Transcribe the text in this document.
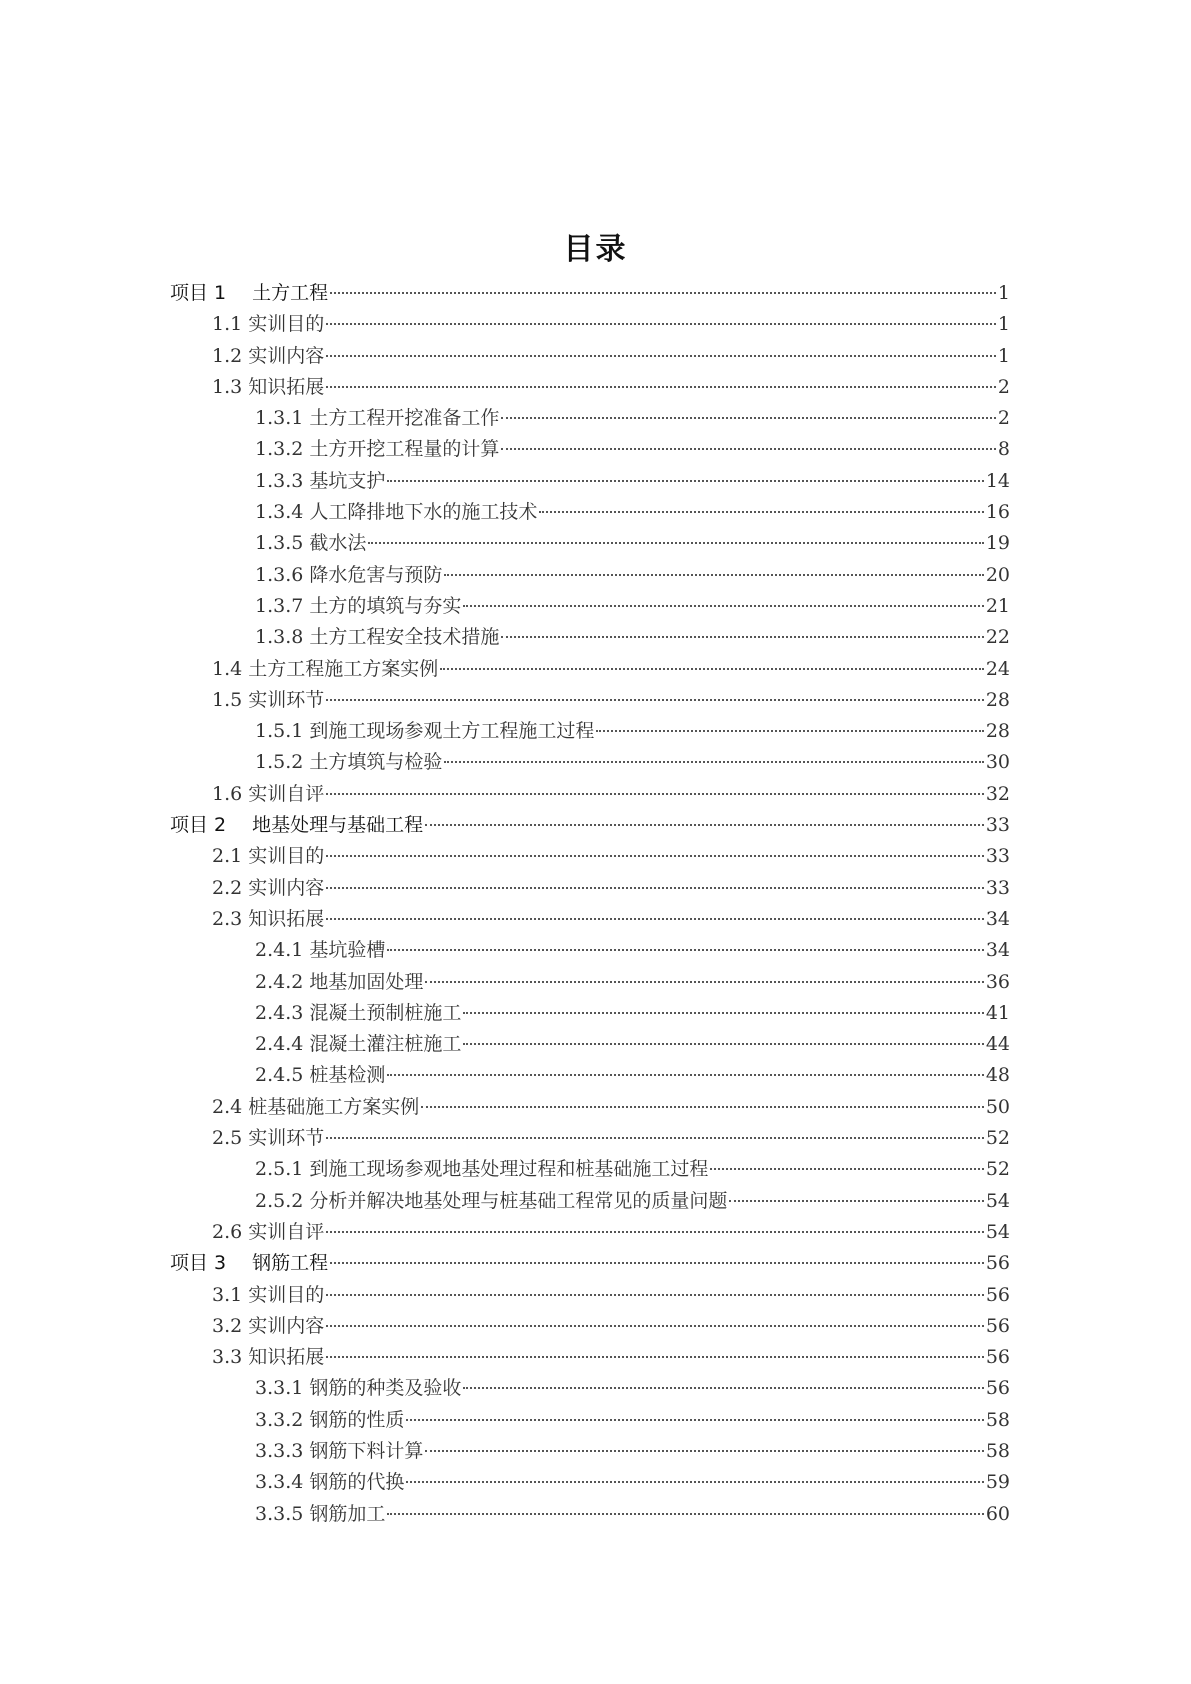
目录
项目 1 土方工程	1
1.1 实训目的	1
1.2 实训内容	1
1.3 知识拓展	2
1.3.1 土方工程开挖准备工作	2
1.3.2 土方开挖工程量的计算	8
1.3.3 基坑支护	14
1.3.4 人工降排地下水的施工技术	16
1.3.5 截水法	19
1.3.6 降水危害与预防	20
1.3.7 土方的填筑与夯实	21
1.3.8 土方工程安全技术措施	22
1.4 土方工程施工方案实例	24
1.5 实训环节	28
1.5.1 到施工现场参观土方工程施工过程	28
1.5.2 土方填筑与检验	30
1.6 实训自评	32
项目 2 地基处理与基础工程	33
2.1 实训目的	33
2.2 实训内容	33
2.3 知识拓展	34
2.4.1 基坑验槽	34
2.4.2 地基加固处理	36
2.4.3 混凝土预制桩施工	41
2.4.4 混凝土灌注桩施工	44
2.4.5 桩基检测	48
2.4 桩基础施工方案实例	50
2.5 实训环节	52
2.5.1 到施工现场参观地基处理过程和桩基础施工过程	52
2.5.2 分析并解决地基处理与桩基础工程常见的质量问题	54
2.6 实训自评	54
项目 3 钢筋工程	56
3.1 实训目的	56
3.2 实训内容	56
3.3 知识拓展	56
3.3.1 钢筋的种类及验收	56
3.3.2 钢筋的性质	58
3.3.3 钢筋下料计算	58
3.3.4 钢筋的代换	59
3.3.5 钢筋加工	60
